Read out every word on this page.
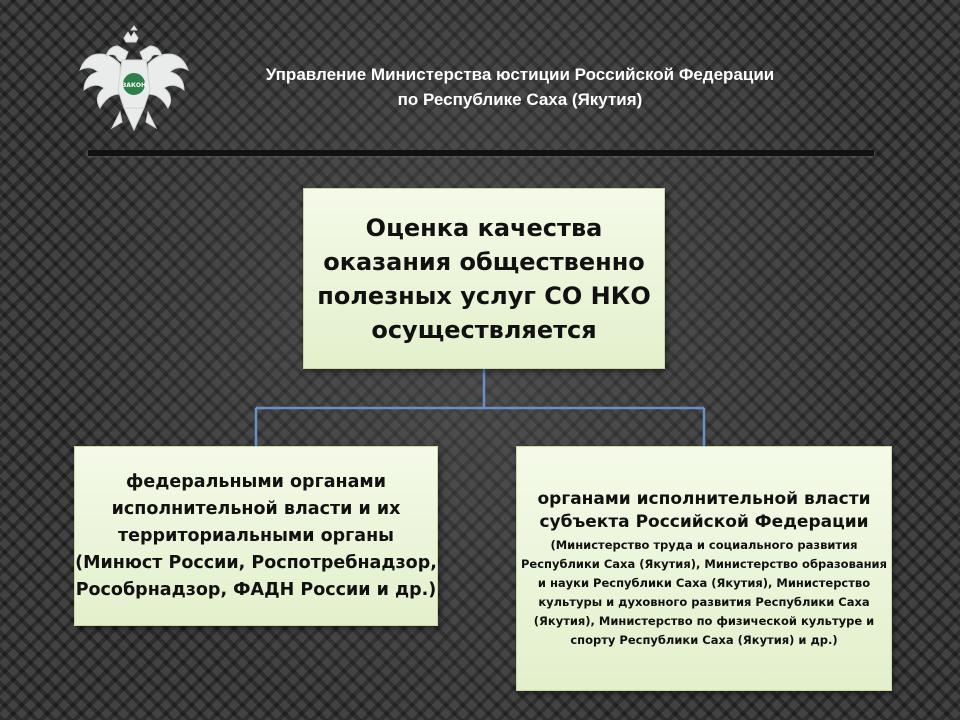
ЗАКОН
Управление Министерства юстиции Российской Федерации
по Республике Саха (Якутия)
Оценка качества оказания общественно полезных услуг СО НКО осуществляется
федеральными органами исполнительной власти и их территориальными органы (Минюст России, Роспотребнадзор, Рособрнадзор, ФАДН России и др.)
органами исполнительной власти субъекта Российской Федерации
(Министерство труда и социального развития Республики Саха (Якутия), Министерство образования и науки Республики Саха (Якутия), Министерство культуры и духовного развития Республики Саха (Якутия), Министерство по физической культуре и спорту Республики Саха (Якутия) и др.)
